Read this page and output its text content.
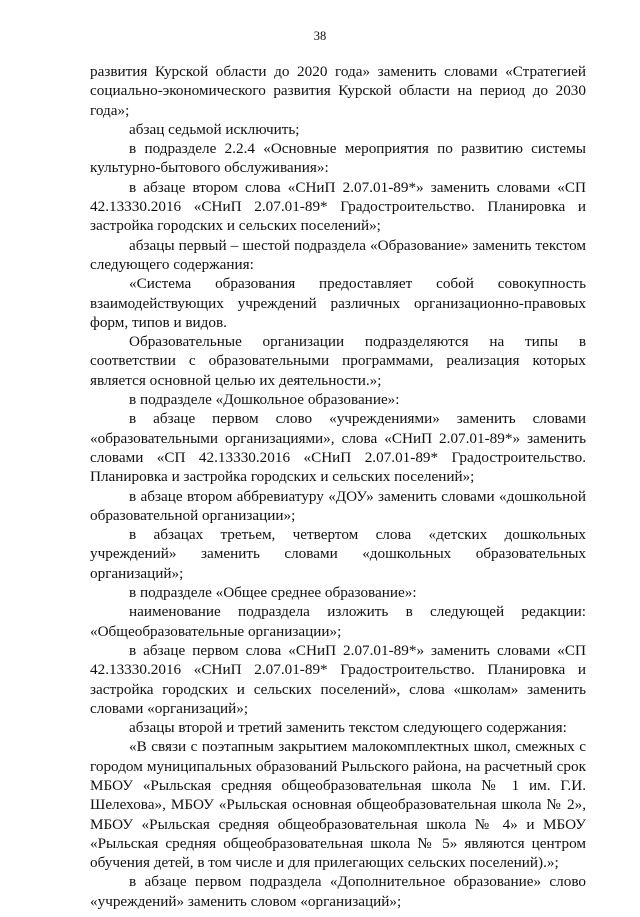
38

развития Курской области до 2020 года» заменить словами «Стратегией социально-экономического развития Курской области на период до 2030 года»;

абзац седьмой исключить;

в подразделе 2.2.4 «Основные мероприятия по развитию системы культурно-бытового обслуживания»:

в абзаце втором слова «СНиП 2.07.01-89*» заменить словами «СП 42.13330.2016 «СНиП 2.07.01-89* Градостроительство. Планировка и застройка городских и сельских поселений»;

абзацы первый – шестой подраздела «Образование» заменить текстом следующего содержания:

«Система образования предоставляет собой совокупность взаимодействующих учреждений различных организационно-правовых форм, типов и видов.

Образовательные организации подразделяются на типы в соответствии с образовательными программами, реализация которых является основной целью их деятельности.»;

в подразделе «Дошкольное образование»:

в абзаце первом слово «учреждениями» заменить словами «образовательными организациями», слова «СНиП 2.07.01-89*» заменить словами «СП 42.13330.2016 «СНиП 2.07.01-89* Градостроительство. Планировка и застройка городских и сельских поселений»;

в абзаце втором аббревиатуру «ДОУ» заменить словами «дошкольной образовательной организации»;

в абзацах третьем, четвертом слова «детских дошкольных учреждений» заменить словами «дошкольных образовательных организаций»;

в подразделе «Общее среднее образование»:

наименование подраздела изложить в следующей редакции: «Общеобразовательные организации»;

в абзаце первом слова «СНиП 2.07.01-89*» заменить словами «СП 42.13330.2016 «СНиП 2.07.01-89* Градостроительство. Планировка и застройка городских и сельских поселений», слова «школам» заменить словами «организаций»;

абзацы второй и третий заменить текстом следующего содержания:

«В связи с поэтапным закрытием малокомплектных школ, смежных с городом муниципальных образований Рыльского района, на расчетный срок МБОУ «Рыльская средняя общеобразовательная школа № 1 им. Г.И. Шелехова», МБОУ «Рыльская основная общеобразовательная школа № 2», МБОУ «Рыльская средняя общеобразовательная школа № 4» и МБОУ «Рыльская средняя общеобразовательная школа № 5» являются центром обучения детей, в том числе и для прилегающих сельских поселений).»;

в абзаце первом подраздела «Дополнительное образование» слово «учреждений» заменить словом «организаций»;
